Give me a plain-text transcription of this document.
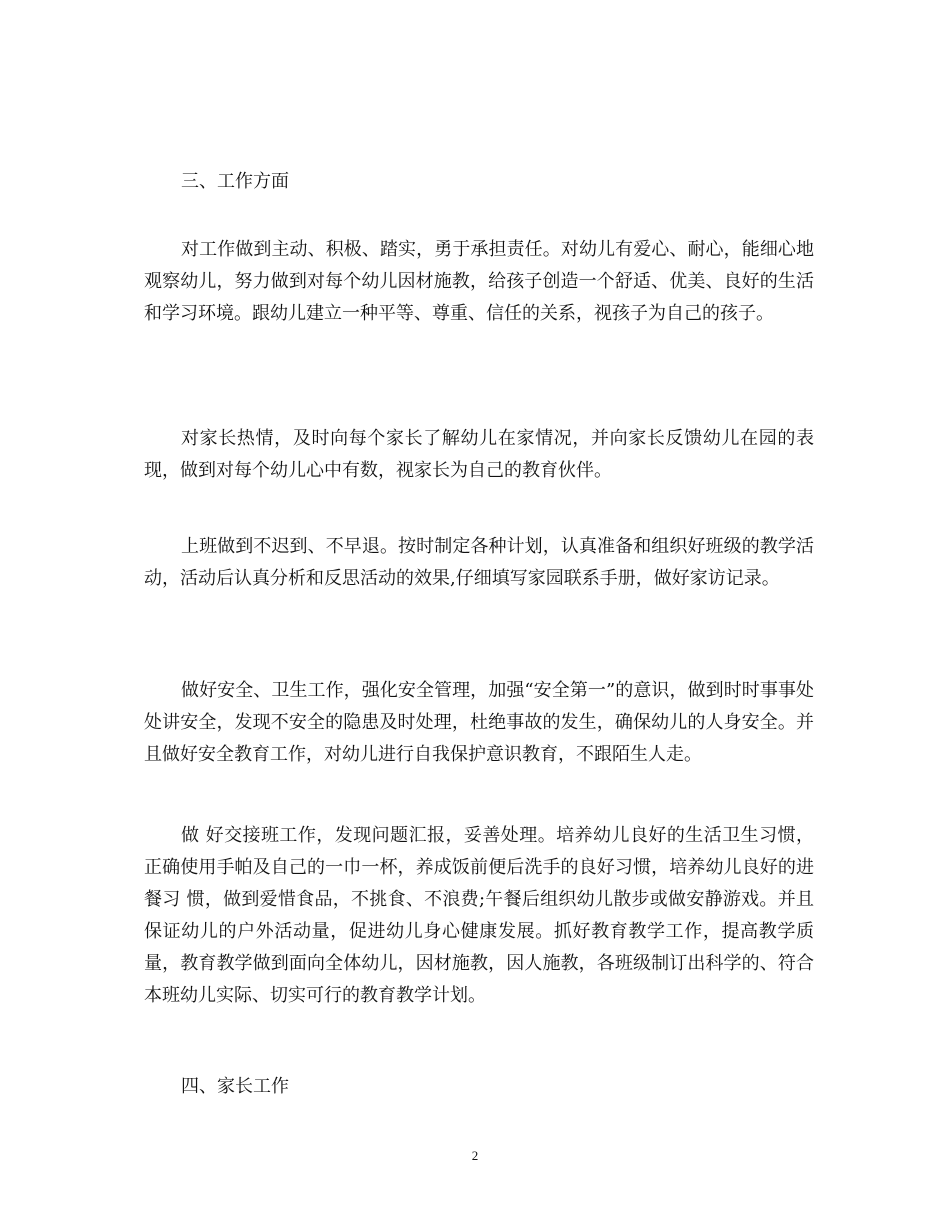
三、工作方面

对工作做到主动、积极、踏实，勇于承担责任。对幼儿有爱心、耐心，能细心地观察幼儿，努力做到对每个幼儿因材施教，给孩子创造一个舒适、优美、良好的生活和学习环境。跟幼儿建立一种平等、尊重、信任的关系，视孩子为自己的孩子。

对家长热情，及时向每个家长了解幼儿在家情况，并向家长反馈幼儿在园的表现，做到对每个幼儿心中有数，视家长为自己的教育伙伴。

上班做到不迟到、不早退。按时制定各种计划，认真准备和组织好班级的教学活动，活动后认真分析和反思活动的效果,仔细填写家园联系手册，做好家访记录。

做好安全、卫生工作，强化安全管理，加强“安全第一”的意识，做到时时事事处处讲安全，发现不安全的隐患及时处理，杜绝事故的发生，确保幼儿的人身安全。并且做好安全教育工作，对幼儿进行自我保护意识教育，不跟陌生人走。

做 好交接班工作，发现问题汇报，妥善处理。培养幼儿良好的生活卫生习惯，正确使用手帕及自己的一巾一杯，养成饭前便后洗手的良好习惯，培养幼儿良好的进餐习 惯，做到爱惜食品，不挑食、不浪费;午餐后组织幼儿散步或做安静游戏。并且保证幼儿的户外活动量，促进幼儿身心健康发展。抓好教育教学工作，提高教学质 量，教育教学做到面向全体幼儿，因材施教，因人施教，各班级制订出科学的、符合本班幼儿实际、切实可行的教育教学计划。

四、家长工作

2
